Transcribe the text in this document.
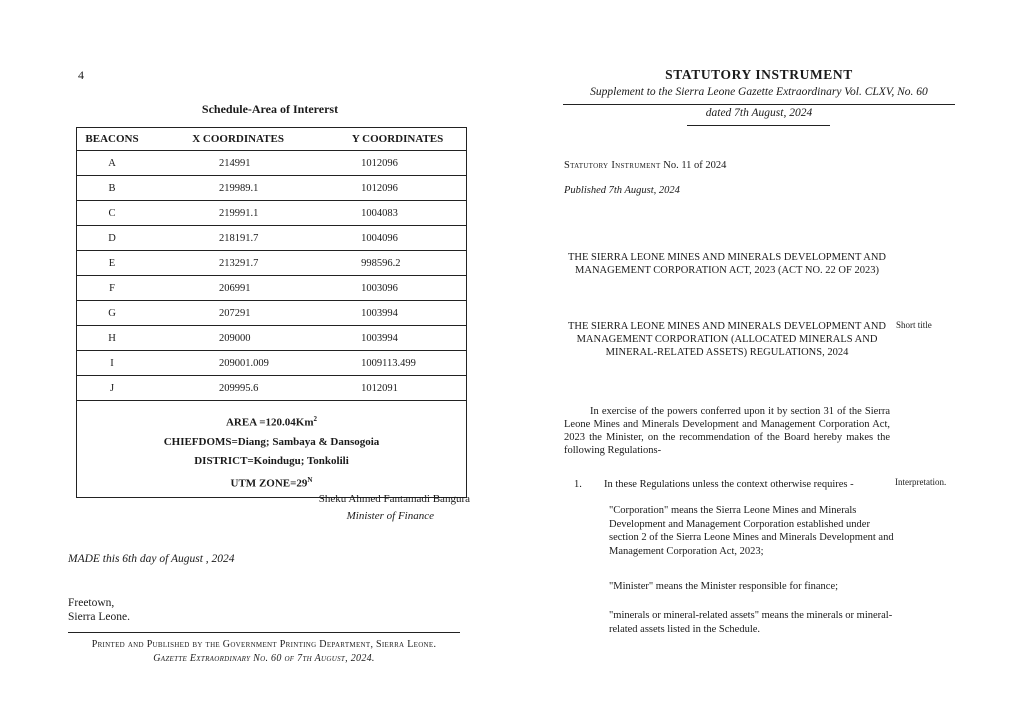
4
Schedule-Area of Intererst
BEACONS	X COORDINATES	Y COORDINATES
A	214991	1012096
B	219989.1	1012096
C	219991.1	1004083
D	218191.7	1004096
E	213291.7	998596.2
F	206991	1003096
G	207291	1003994
H	209000	1003994
I	209001.009	1009113.499
J	209995.6	1012091

AREA $=120.04Km^2$
CHIEFDOMS=Diang; Sambaya & Dansogoia
DISTRICT=Koindugu; Tonkolili
UTM $ZONE=29^N$
Sheku Ahmed Fantamadi Bangura
Minister of Finance
MADE this 6th day of August , 2024
Freetown,
Sierra Leone.
Printed and Published by the Government Printing Department, Sierra Leone.
Gazette Extraordinary No. 60 of 7th August, 2024.
STATUTORY INSTRUMENT
Supplement to the Sierra Leone Gazette Extraordinary Vol. CLXV, No. 60
dated 7th August, 2024
Statutory Instrument No. 11 of 2024
Published 7th August, 2024
THE SIERRA LEONE MINES AND MINERALS DEVELOPMENT AND MANAGEMENT CORPORATION ACT, 2023 (ACT NO. 22 OF 2023)
THE SIERRA LEONE MINES AND MINERALS DEVELOPMENT AND MANAGEMENT CORPORATION (ALLOCATED MINERALS AND MINERAL-RELATED ASSETS) REGULATIONS, 2024
Short title
In exercise of the powers conferred upon it by section 31 of the Sierra Leone Mines and Minerals Development and Management Corporation Act, 2023 the Minister, on the recommendation of the Board hereby makes the following Regulations-
1. In these Regulations unless the context otherwise requires -	Interpretation.
"Corporation" means the Sierra Leone Mines and Minerals Development and Management Corporation established under section 2 of the Sierra Leone Mines and Minerals Development and Management Corporation Act, 2023;
"Minister" means the Minister responsible for finance;
"minerals or mineral-related assets" means the minerals or mineral-related assets listed in the Schedule.
